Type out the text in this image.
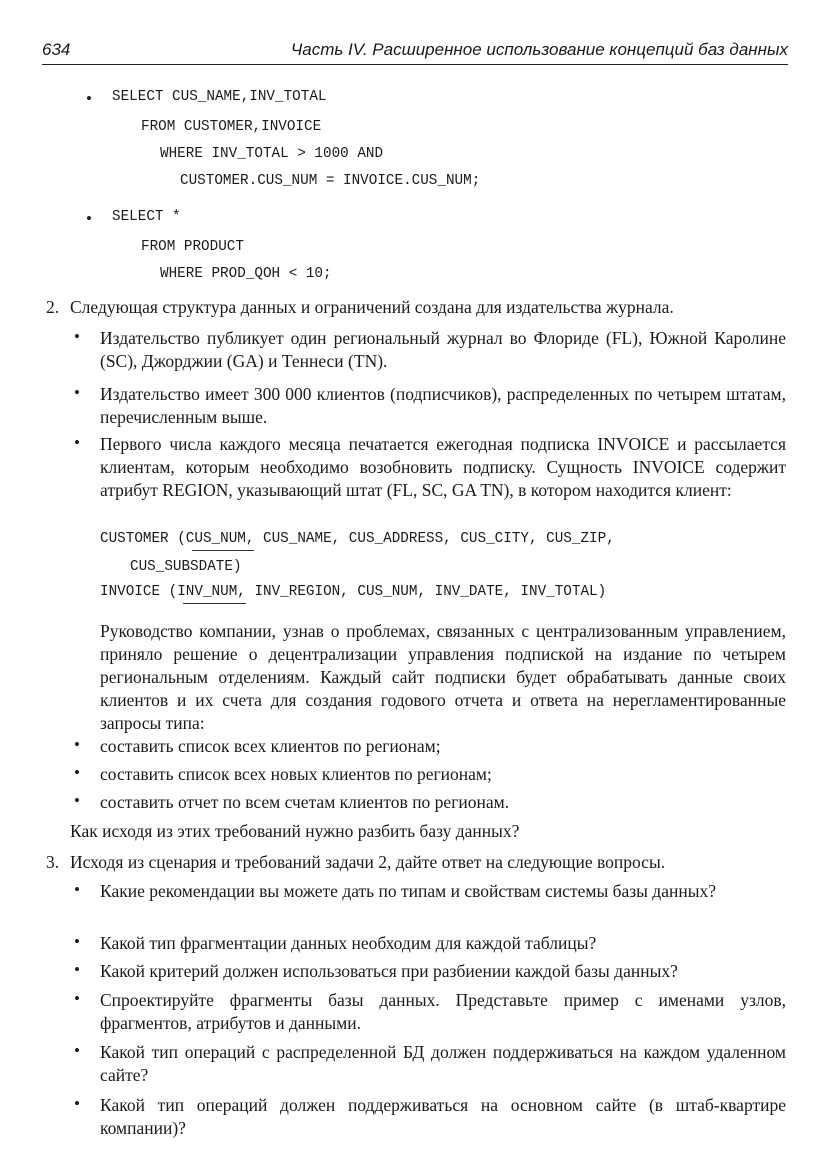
634	Часть IV. Расширенное использование концепций баз данных
• SELECT CUS_NAME,INV_TOTAL
FROM CUSTOMER,INVOICE
WHERE INV_TOTAL > 1000 AND
CUSTOMER.CUS_NUM = INVOICE.CUS_NUM;
• SELECT *
FROM PRODUCT
WHERE PROD_QOH < 10;
2. Следующая структура данных и ограничений создана для издательства журнала.
• Издательство публикует один региональный журнал во Флориде (FL), Южной Каролине (SC), Джорджии (GA) и Теннеси (TN).
• Издательство имеет 300 000 клиентов (подписчиков), распределенных по четырем штатам, перечисленным выше.
• Первого числа каждого месяца печатается ежегодная подписка INVOICE и рассылается клиентам, которым необходимо возобновить подписку. Сущность INVOICE содержит атрибут REGION, указывающий штат (FL, SC, GA TN), в котором находится клиент:
CUSTOMER (CUS_NUM, CUS_NAME, CUS_ADDRESS, CUS_CITY, CUS_ZIP,
CUS_SUBSDATE)
INVOICE (INV_NUM, INV_REGION, CUS_NUM, INV_DATE, INV_TOTAL)
Руководство компании, узнав о проблемах, связанных с централизованным управлением, приняло решение о децентрализации управления подпиской на издание по четырем региональным отделениям. Каждый сайт подписки будет обрабатывать данные своих клиентов и их счета для создания годового отчета и ответа на нерегламентированные запросы типа:
• составить список всех клиентов по регионам;
• составить список всех новых клиентов по регионам;
• составить отчет по всем счетам клиентов по регионам.
Как исходя из этих требований нужно разбить базу данных?
3. Исходя из сценария и требований задачи 2, дайте ответ на следующие вопросы.
• Какие рекомендации вы можете дать по типам и свойствам системы базы данных?
• Какой тип фрагментации данных необходим для каждой таблицы?
• Какой критерий должен использоваться при разбиении каждой базы данных?
• Спроектируйте фрагменты базы данных. Представьте пример с именами узлов, фрагментов, атрибутов и данными.
• Какой тип операций с распределенной БД должен поддерживаться на каждом удаленном сайте?
• Какой тип операций должен поддерживаться на основном сайте (в штаб-квартире компании)?
